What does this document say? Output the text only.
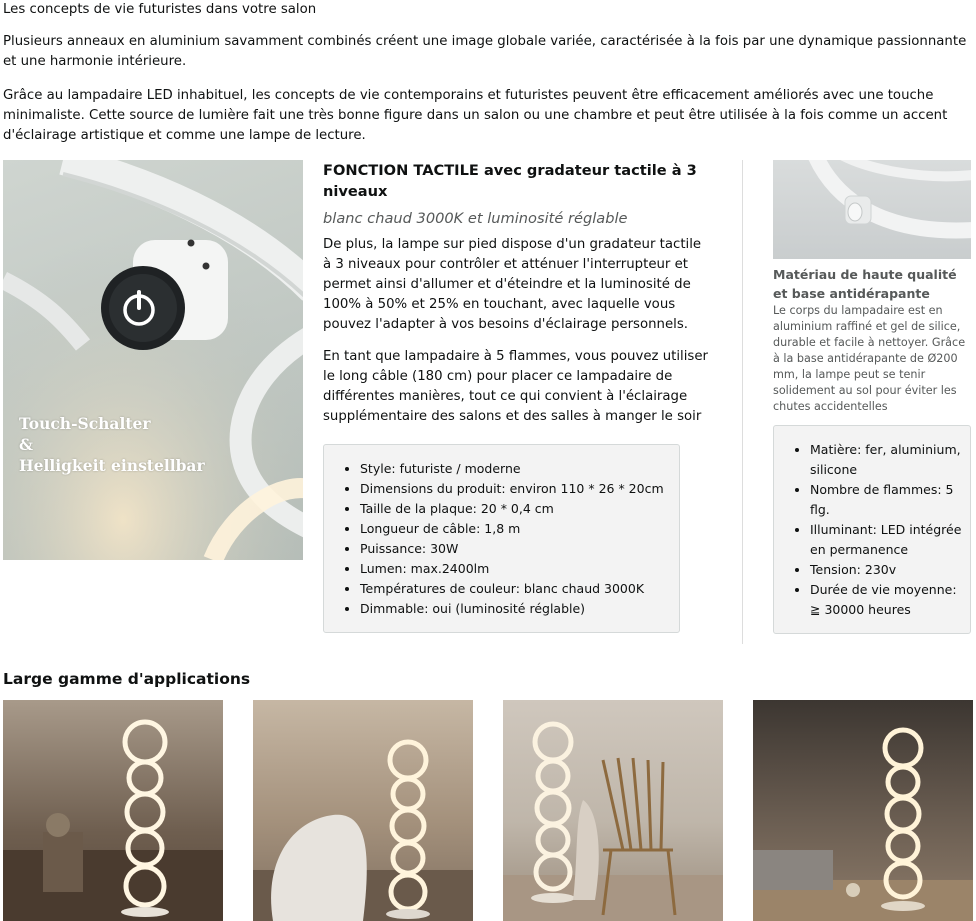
Les concepts de vie futuristes dans votre salon

Plusieurs anneaux en aluminium savamment combinés créent une image globale variée, caractérisée à la fois par une dynamique passionnante et une harmonie intérieure.

Grâce au lampadaire LED inhabituel, les concepts de vie contemporains et futuristes peuvent être efficacement améliorés avec une touche minimaliste. Cette source de lumière fait une très bonne figure dans un salon ou une chambre et peut être utilisée à la fois comme un accent d'éclairage artistique et comme une lampe de lecture.

Touch-Schalter
&
Helligkeit einstellbar
FONCTION TACTILE avec gradateur tactile à 3 niveaux
blanc chaud 3000K et luminosité réglable

De plus, la lampe sur pied dispose d'un gradateur tactile à 3 niveaux pour contrôler et atténuer l'interrupteur et permet ainsi d'allumer et d'éteindre et la luminosité de 100% à 50% et 25% en touchant, avec laquelle vous pouvez l'adapter à vos besoins d'éclairage personnels.

En tant que lampadaire à 5 flammes, vous pouvez utiliser le long câble (180 cm) pour placer ce lampadaire de différentes manières, tout ce qui convient à l'éclairage supplémentaire des salons et des salles à manger le soir

• Style: futuriste / moderne
• Dimensions du produit: environ 110 * 26 * 20cm
• Taille de la plaque: 20 * 0,4 cm
• Longueur de câble: 1,8 m
• Puissance: 30W
• Lumen: max.2400lm
• Températures de couleur: blanc chaud 3000K
• Dimmable: oui (luminosité réglable)
Matériau de haute qualité et base antidérapante
Le corps du lampadaire est en aluminium raffiné et gel de silice, durable et facile à nettoyer. Grâce à la base antidérapante de Ø200 mm, la lampe peut se tenir solidement au sol pour éviter les chutes accidentelles
• Matière: fer, aluminium, silicone
• Nombre de flammes: 5 flg.
• Illuminant: LED intégrée en permanence
• Tension: 230v
• Durée de vie moyenne: ≧ 30000 heures
Large gamme d'applications
